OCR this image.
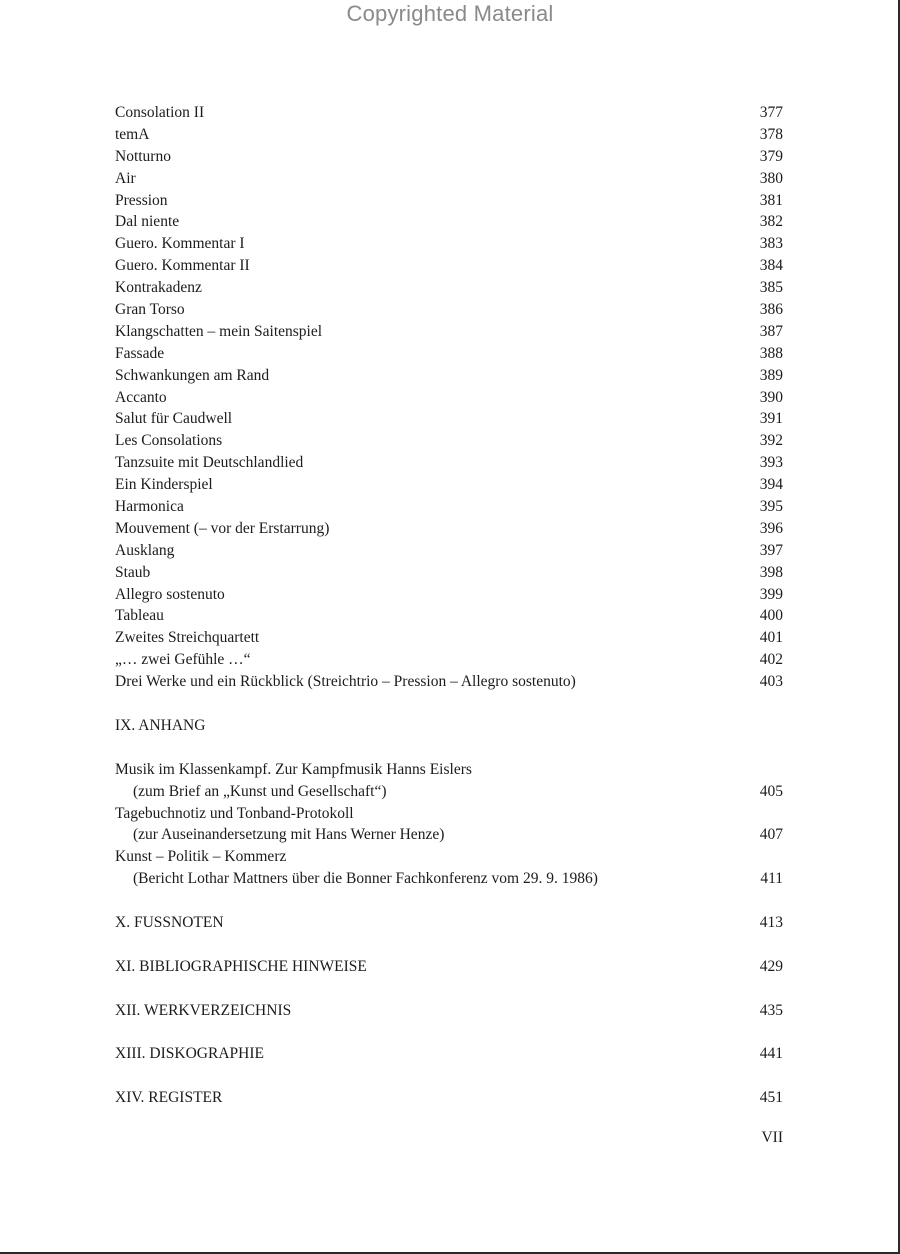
Copyrighted Material
Consolation II	377
temA	378
Notturno	379
Air	380
Pression	381
Dal niente	382
Guero. Kommentar I	383
Guero. Kommentar II	384
Kontrakadenz	385
Gran Torso	386
Klangschatten – mein Saitenspiel	387
Fassade	388
Schwankungen am Rand	389
Accanto	390
Salut für Caudwell	391
Les Consolations	392
Tanzsuite mit Deutschlandlied	393
Ein Kinderspiel	394
Harmonica	395
Mouvement (– vor der Erstarrung)	396
Ausklang	397
Staub	398
Allegro sostenuto	399
Tableau	400
Zweites Streichquartett	401
„… zwei Gefühle …“	402
Drei Werke und ein Rückblick (Streichtrio – Pression – Allegro sostenuto)	403
IX. ANHANG
Musik im Klassenkampf. Zur Kampfmusik Hanns Eislers
(zum Brief an „Kunst und Gesellschaft“)	405
Tagebuchnotiz und Tonband-Protokoll
(zur Auseinandersetzung mit Hans Werner Henze)	407
Kunst – Politik – Kommerz
(Bericht Lothar Mattners über die Bonner Fachkonferenz vom 29. 9. 1986)	411
X. FUSSNOTEN	413
XI. BIBLIOGRAPHISCHE HINWEISE	429
XII. WERKVERZEICHNIS	435
XIII. DISKOGRAPHIE	441
XIV. REGISTER	451
VII
